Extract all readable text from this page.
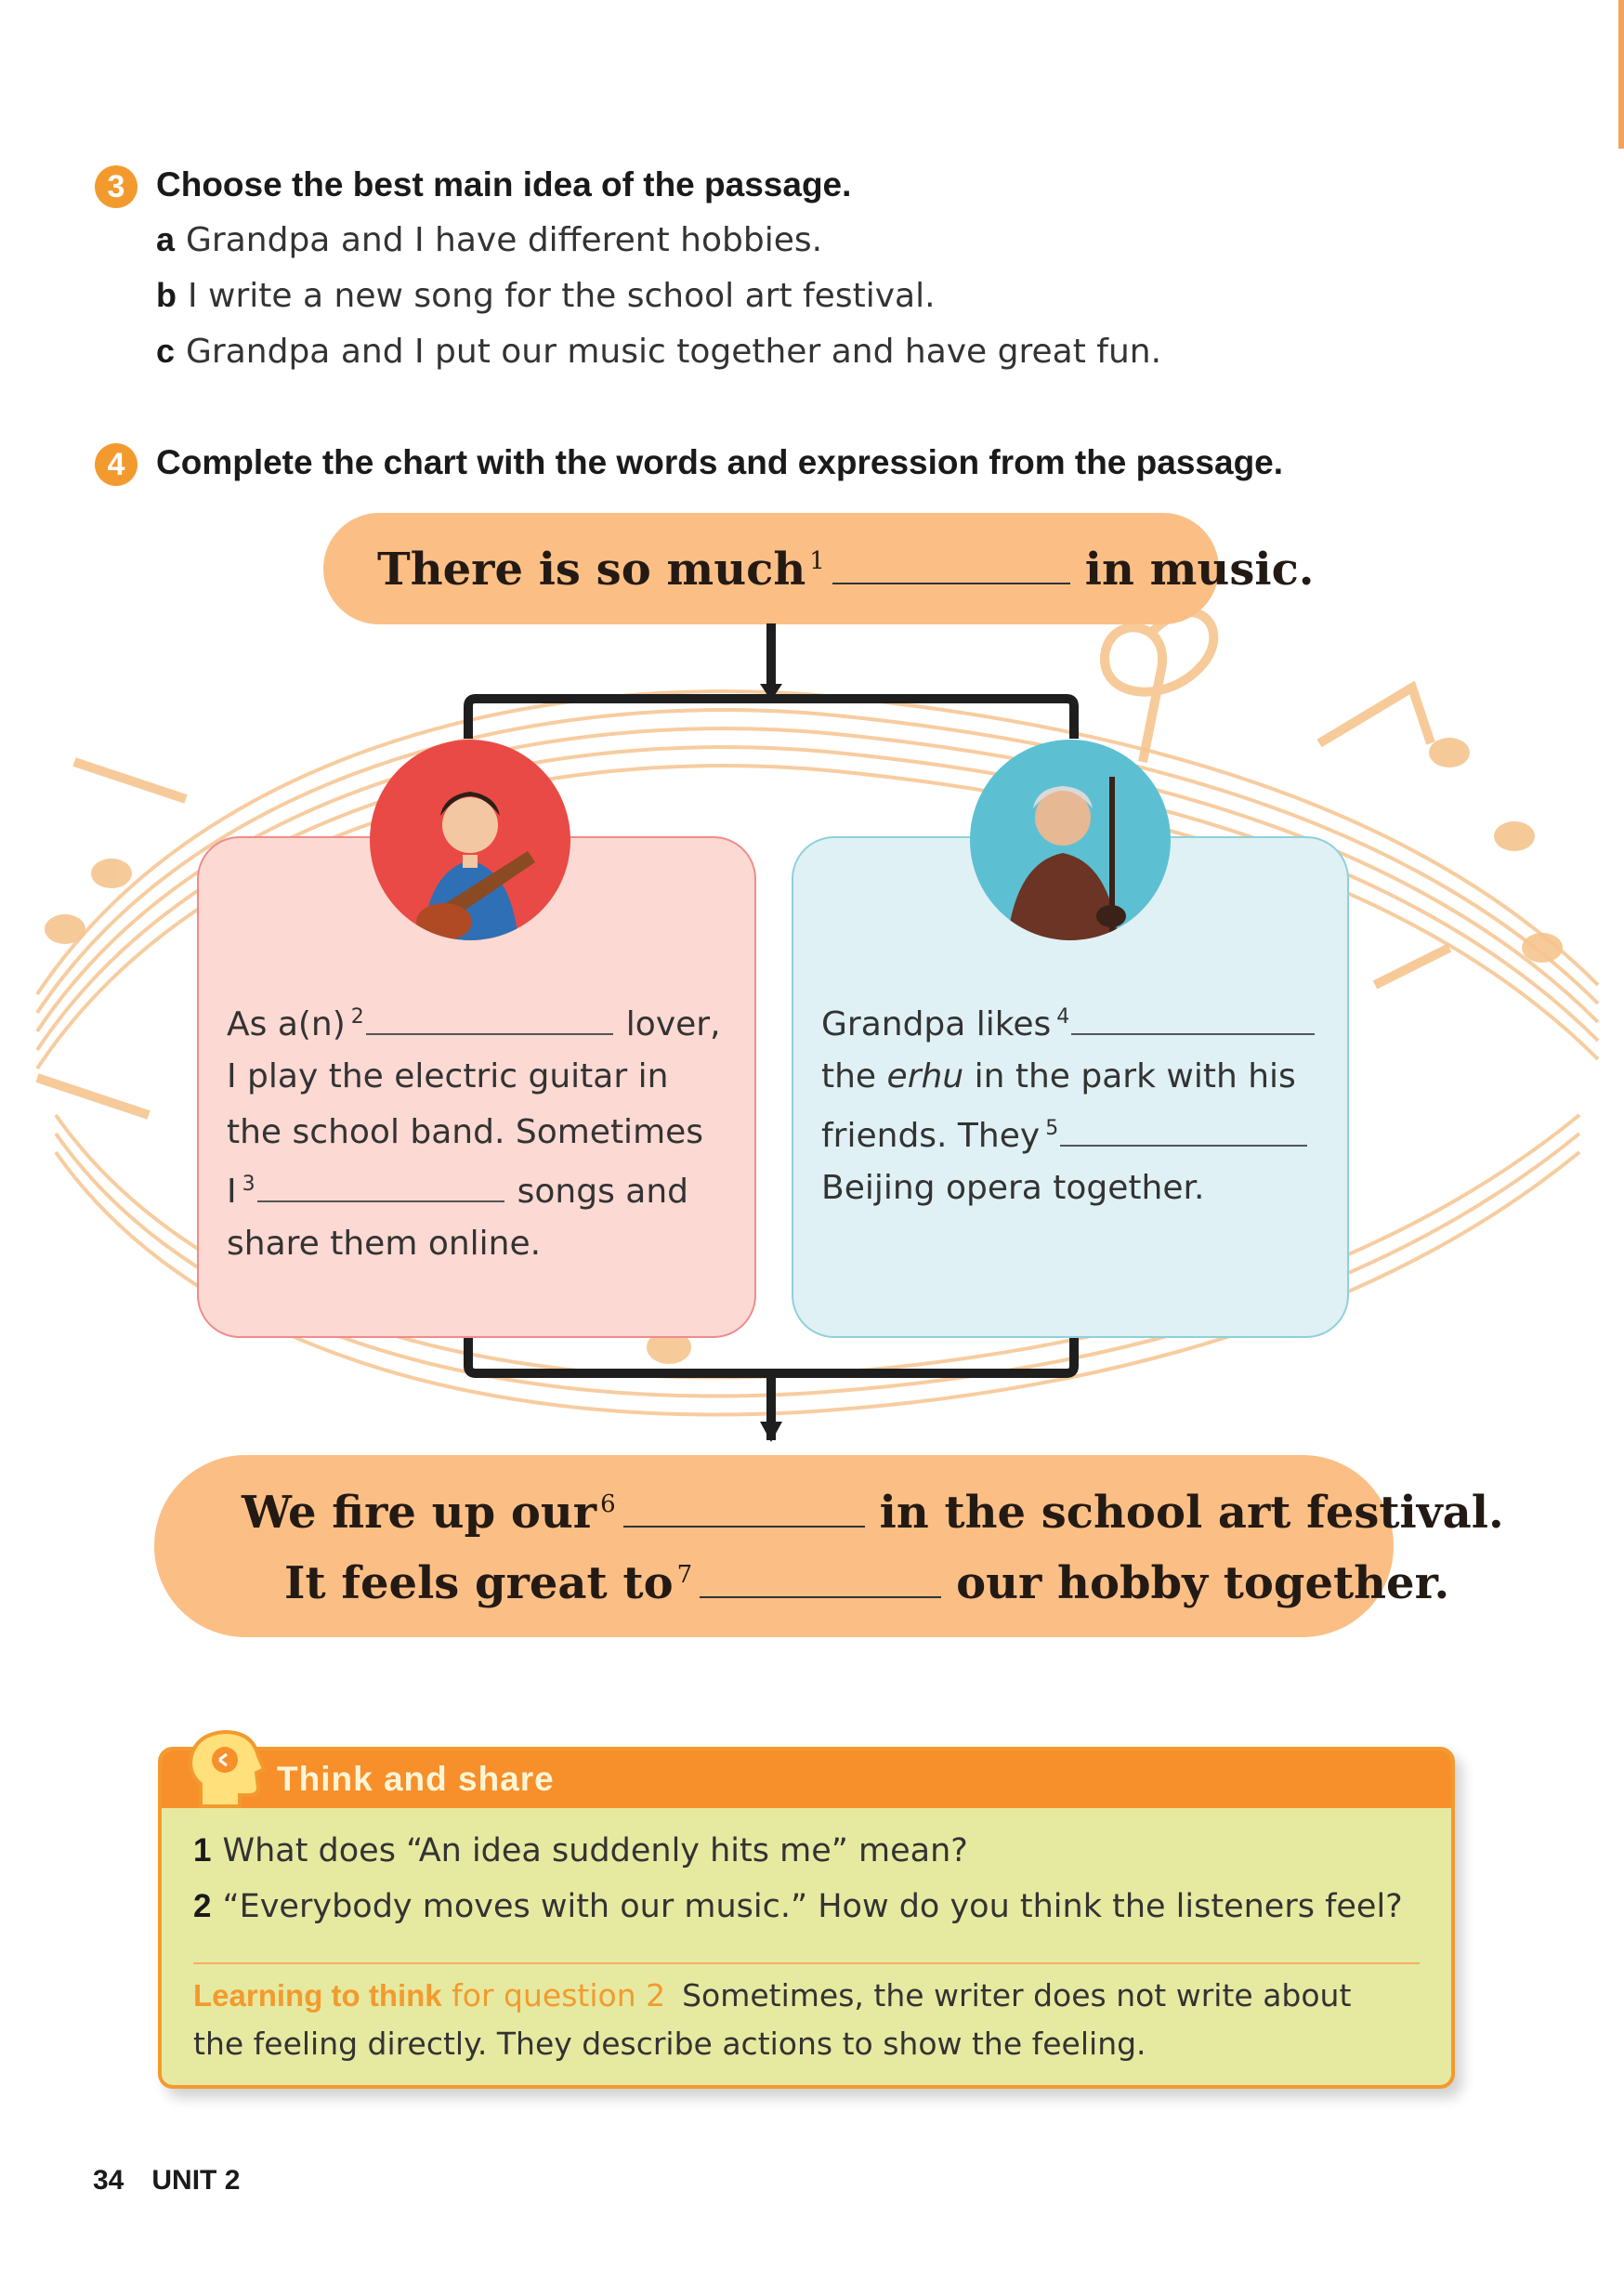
3 Choose the best main idea of the passage.
a Grandpa and I have different hobbies.
b I write a new song for the school art festival.
c Grandpa and I put our music together and have great fun.
4 Complete the chart with the words and expression from the passage.
There is so much $^1$	in music.
As a(n) $^2$	lover,
I play the electric guitar in
the school band. Sometimes
I $^3$	songs and
share them online.
Grandpa likes $^4$
the erhu in the park with his
friends. They $^5$
Beijing opera together.
We fire up our $^6$	in the school art festival.
It feels great to $^7$	our hobby together.
Think and share
1 What does “An idea suddenly hits me” mean?
2 “Everybody moves with our music.” How do you think the listeners feel?
Learning to think for question 2 Sometimes, the writer does not write about
the feeling directly. They describe actions to show the feeling.
34 UNIT 2
